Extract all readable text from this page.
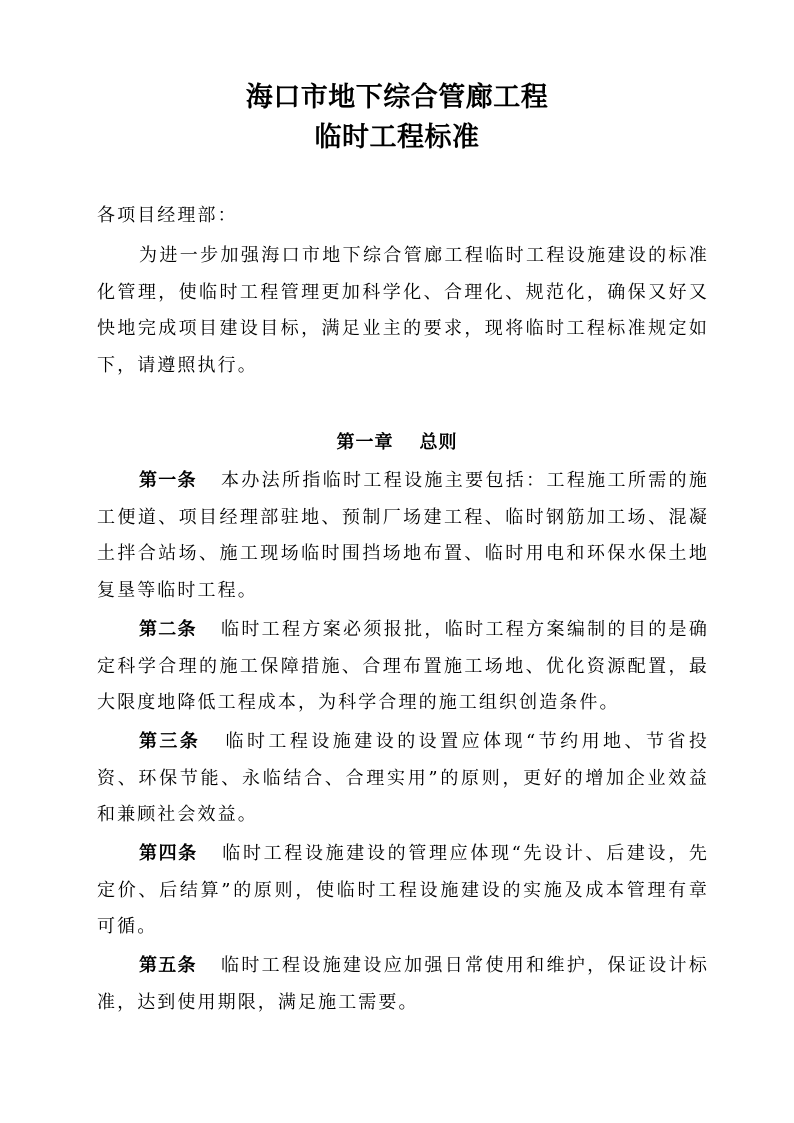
海口市地下综合管廊工程
临时工程标准

各项目经理部：

为进一步加强海口市地下综合管廊工程临时工程设施建设的标准化管理，使临时工程管理更加科学化、合理化、规范化，确保又好又快地完成项目建设目标，满足业主的要求，现将临时工程标准规定如下，请遵照执行。

第一章 总则

第一条 本办法所指临时工程设施主要包括：工程施工所需的施工便道、项目经理部驻地、预制厂场建工程、临时钢筋加工场、混凝土拌合站场、施工现场临时围挡场地布置、临时用电和环保水保土地复垦等临时工程。

第二条 临时工程方案必须报批，临时工程方案编制的目的是确定科学合理的施工保障措施、合理布置施工场地、优化资源配置，最大限度地降低工程成本，为科学合理的施工组织创造条件。

第三条 临时工程设施建设的设置应体现“节约用地、节省投资、环保节能、永临结合、合理实用”的原则，更好的增加企业效益和兼顾社会效益。

第四条 临时工程设施建设的管理应体现“先设计、后建设，先定价、后结算”的原则，使临时工程设施建设的实施及成本管理有章可循。

第五条 临时工程设施建设应加强日常使用和维护，保证设计标准，达到使用期限，满足施工需要。
